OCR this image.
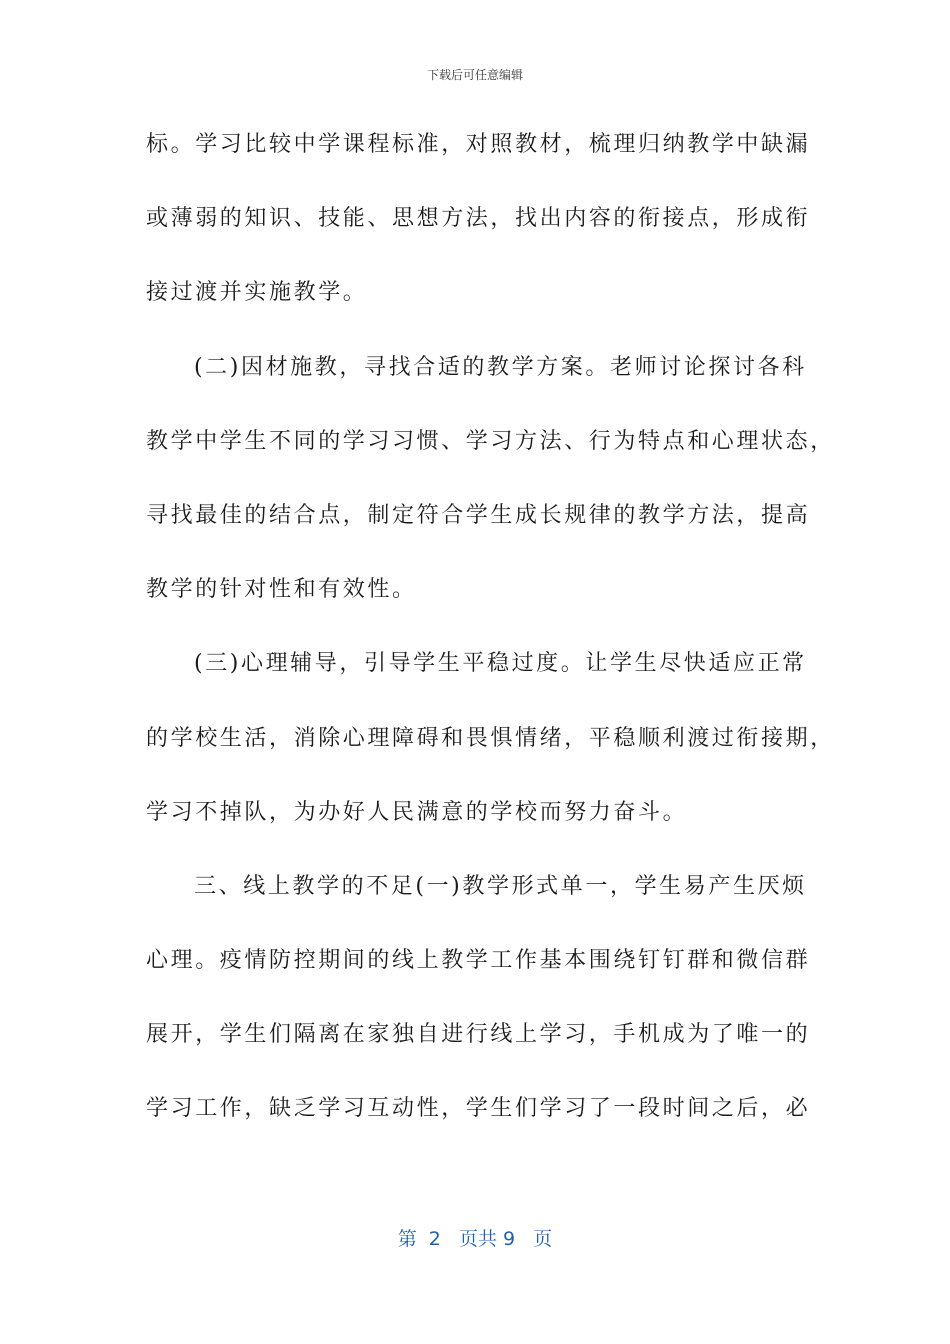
下载后可任意编辑
标。学习比较中学课程标准，对照教材，梳理归纳教学中缺漏
或薄弱的知识、技能、思想方法，找出内容的衔接点，形成衔
接过渡并实施教学。
(二)因材施教，寻找合适的教学方案。老师讨论探讨各科
教学中学生不同的学习习惯、学习方法、行为特点和心理状态，
寻找最佳的结合点，制定符合学生成长规律的教学方法，提高
教学的针对性和有效性。
(三)心理辅导，引导学生平稳过度。让学生尽快适应正常
的学校生活，消除心理障碍和畏惧情绪，平稳顺利渡过衔接期，
学习不掉队，为办好人民满意的学校而努力奋斗。
三、线上教学的不足(一)教学形式单一，学生易产生厌烦
心理。疫情防控期间的线上教学工作基本围绕钉钉群和微信群
展开，学生们隔离在家独自进行线上学习，手机成为了唯一的
学习工作，缺乏学习互动性，学生们学习了一段时间之后，必
第  2   页共 9   页
